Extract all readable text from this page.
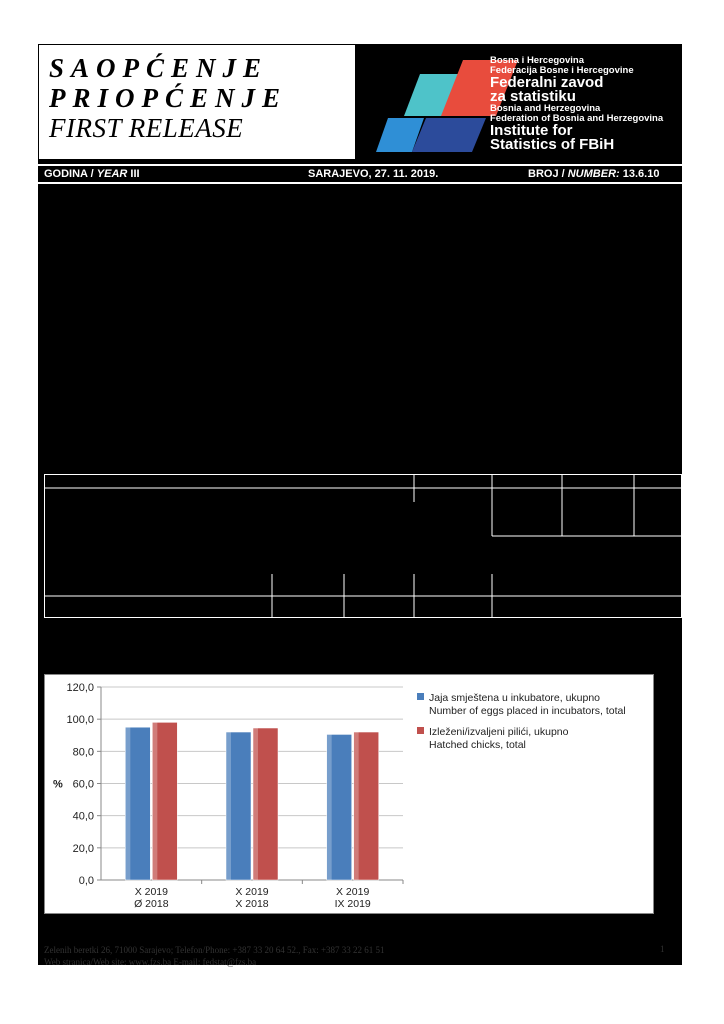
SAOPĆENJE
PRIOPĆENJE
FIRST RELEASE
Bosna i Hercegovina
Federacija Bosne i Hercegovine
Federalni zavod
za statistiku
Bosnia and Herzegovina
Federation of Bosnia and Herzegovina
Institute for
Statistics of FBiH
GODINA / YEAR III	SARAJEVO, 27. 11. 2019.	BROJ / NUMBER: 13.6.10
0,0
20,0
40,0
60,0
80,0
100,0
120,0
%
X 2019
Ø 2018
X 2019
X 2018
X 2019
IX 2019
Jaja smještena u inkubatore, ukupno
Number of eggs placed in incubators, total
Izleženi/izvaljeni pilići, ukupno
Hatched chicks, total
Zelenih beretki 26, 71000 Sarajevo; Telefon/Phone: +387 33 20 64 52., Fax: +387 33 22 61 51
Web stranica/Web site: www.fzs.ba E-mail: fedstat@fzs.ba
1
